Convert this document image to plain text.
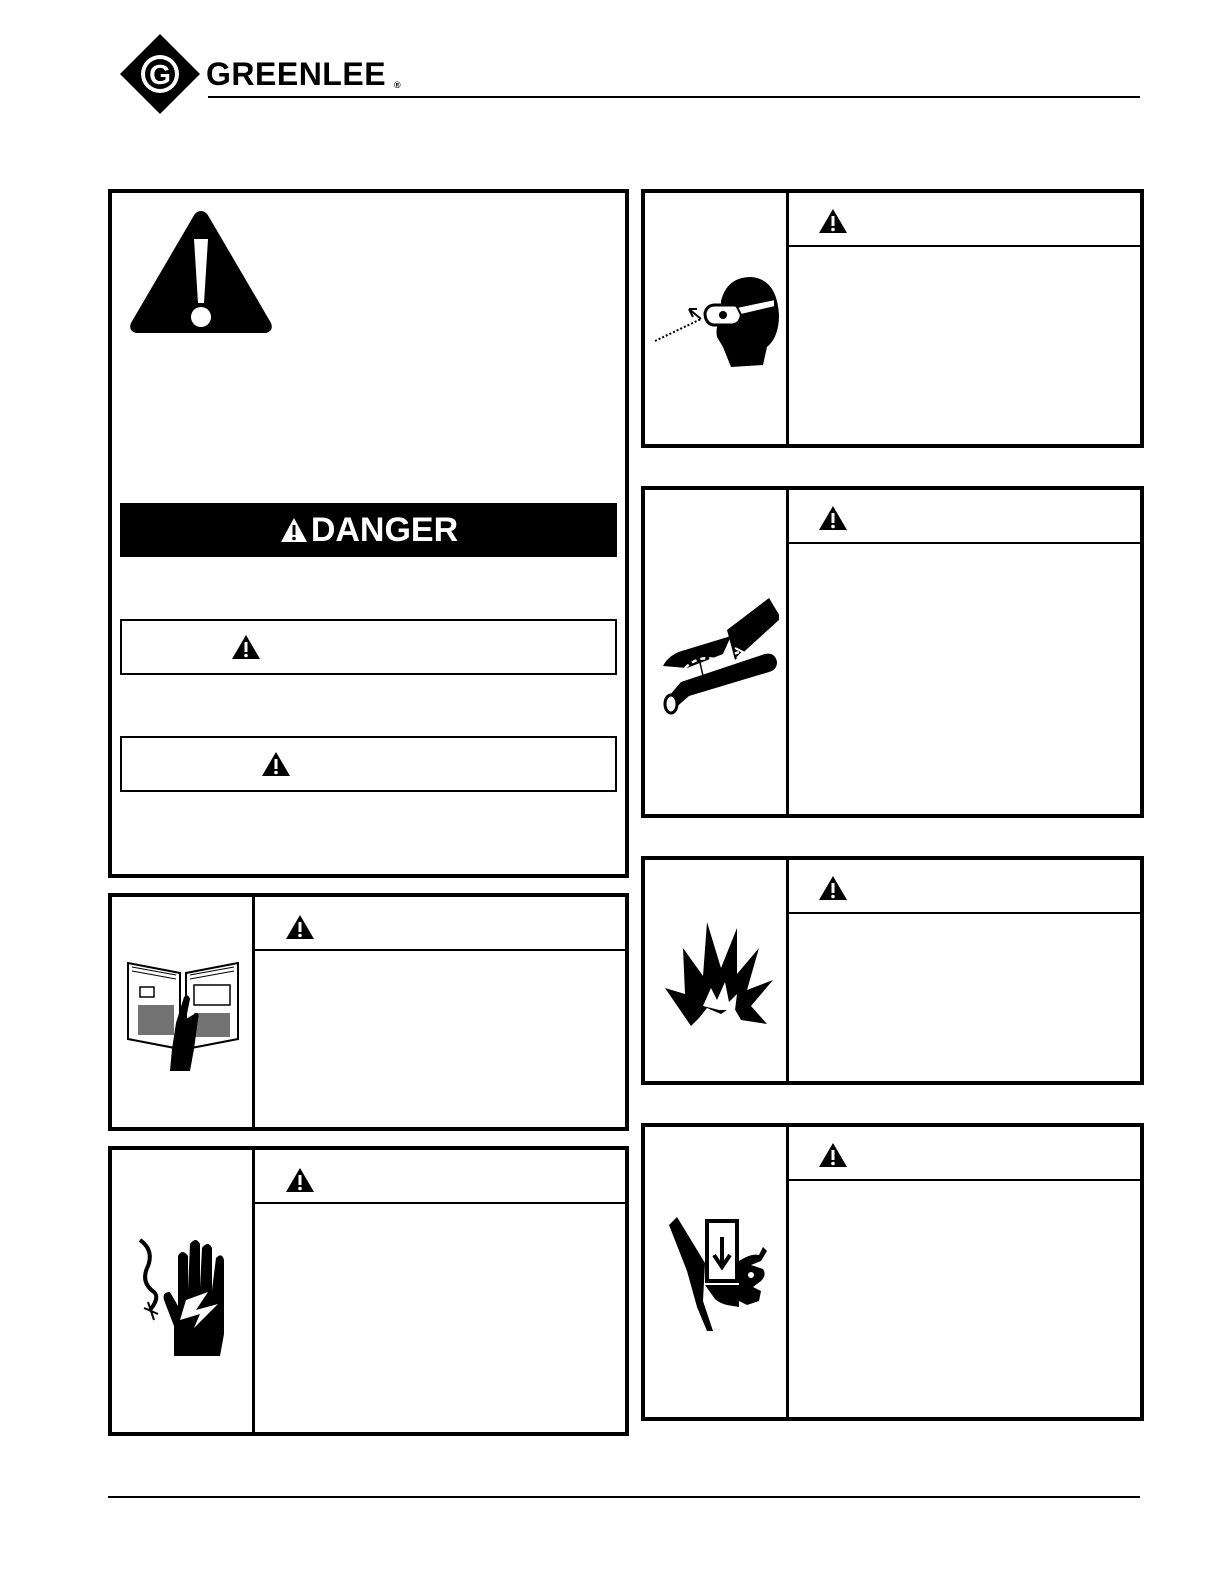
G GREENLEE ®
DANGER
